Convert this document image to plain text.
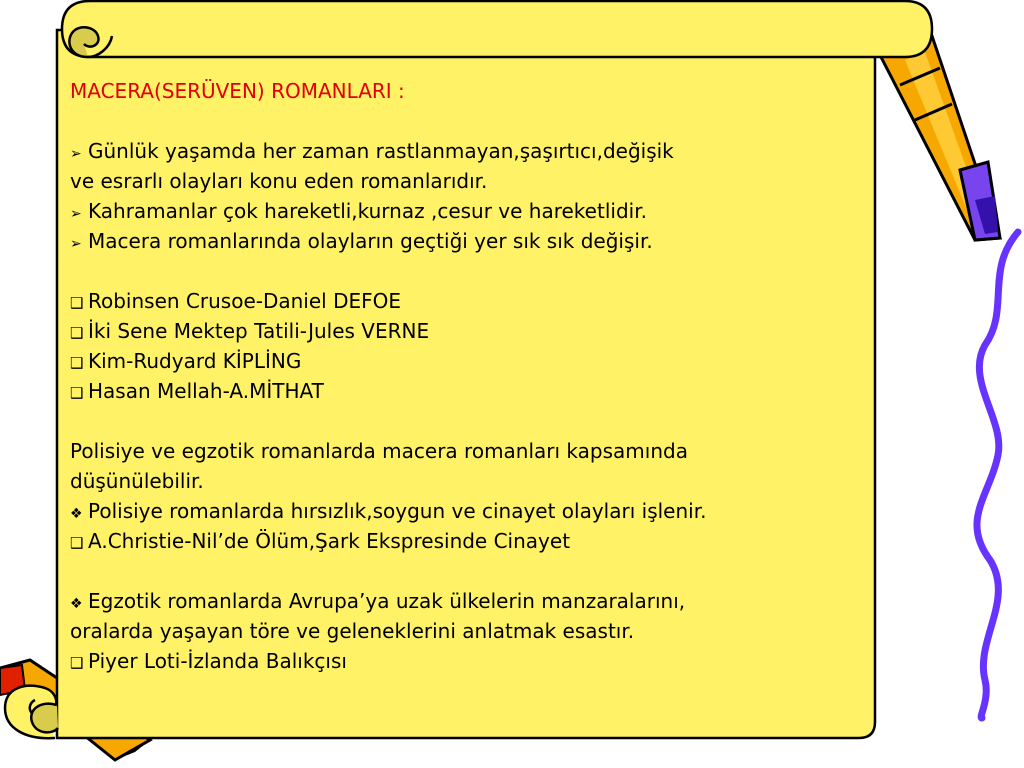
MACERA(SERÜVEN) ROMANLARI :
➢ Günlük yaşamda her zaman rastlanmayan,şaşırtıcı,değişik
ve esrarlı olayları konu eden romanlarıdır.
➢ Kahramanlar çok hareketli,kurnaz ,cesur ve hareketlidir.
➢ Macera romanlarında olayların geçtiği yer sık sık değişir.
❑ Robinsen Crusoe-Daniel DEFOE
❑ İki Sene Mektep Tatili-Jules VERNE
❑ Kim-Rudyard KİPLİNG
❑ Hasan Mellah-A.MİTHAT
Polisiye ve egzotik romanlarda macera romanları kapsamında
düşünülebilir.
❖ Polisiye romanlarda hırsızlık,soygun ve cinayet olayları işlenir.
❑ A.Christie-Nil’de Ölüm,Şark Ekspresinde Cinayet
❖ Egzotik romanlarda Avrupa’ya uzak ülkelerin manzaralarını,
oralarda yaşayan töre ve geleneklerini anlatmak esastır.
❑ Piyer Loti-İzlanda Balıkçısı
